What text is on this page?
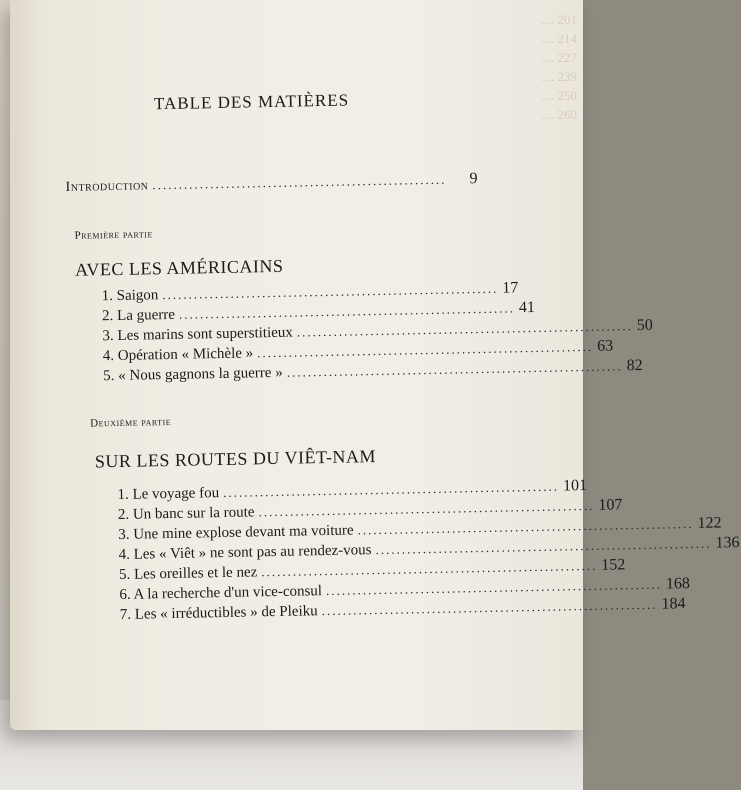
.... 201
.... 214
.... 227
.... 239
.... 250
.... 260
TABLE DES MATIÈRES
Introduction ........................................................	9
Première partie
AVEC LES AMÉRICAINS
1. Saigon ................................................................ 17
2. La guerre ................................................................ 41
3. Les marins sont superstitieux ................................................................ 50
4. Opération « Michèle » ................................................................ 63
5. « Nous gagnons la guerre » ................................................................ 82
Deuxième partie
SUR LES ROUTES DU VIÊT-NAM
1. Le voyage fou ................................................................ 101
2. Un banc sur la route ................................................................ 107
3. Une mine explose devant ma voiture ................................................................ 122
4. Les « Viêt » ne sont pas au rendez-vous ................................................................ 136
5. Les oreilles et le nez ................................................................ 152
6. A la recherche d'un vice-consul ................................................................ 168
7. Les « irréductibles » de Pleiku ................................................................ 184
